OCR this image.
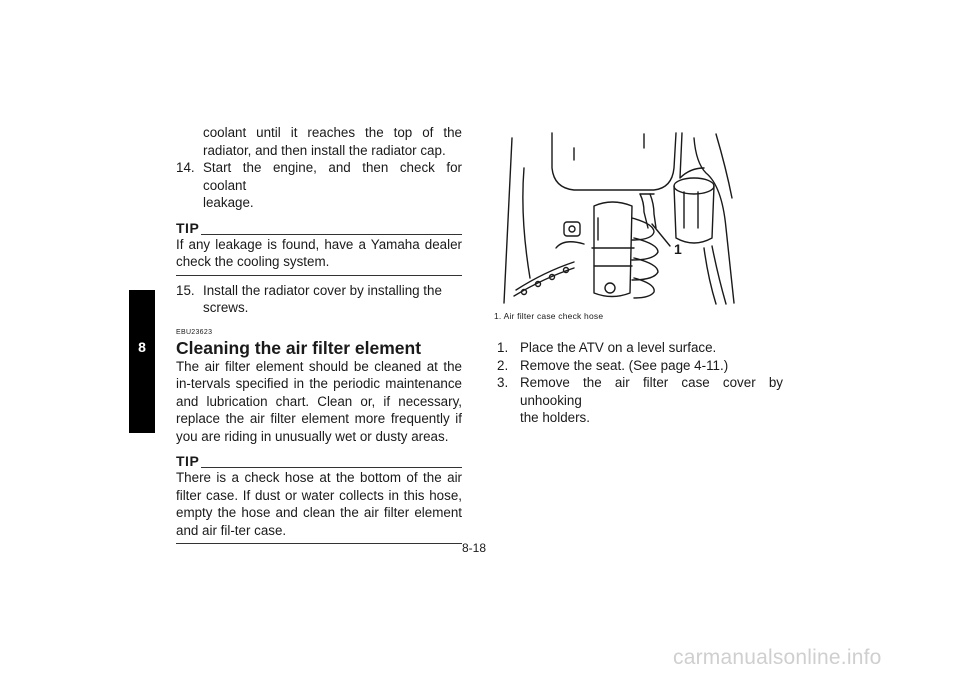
8
coolant until it reaches the top of the radiator, and then install the radiator cap.
14. Start the engine, and then check for coolant
leakage.
TIP
If any leakage is found, have a Yamaha dealer check the cooling system.
15. Install the radiator cover by installing the
screws.
EBU23623
Cleaning the air filter element
The air filter element should be cleaned at the in-tervals specified in the periodic maintenance and lubrication chart. Clean or, if necessary, replace the air filter element more frequently if you are riding in unusually wet or dusty areas.
TIP
There is a check hose at the bottom of the air filter case. If dust or water collects in this hose, empty the hose and clean the air filter element and air fil-ter case.
1
1. Air filter case check hose
1. Place the ATV on a level surface.
2. Remove the seat. (See page 4-11.)
3. Remove the air filter case cover by unhooking
the holders.
8-18
carmanualsonline.info
